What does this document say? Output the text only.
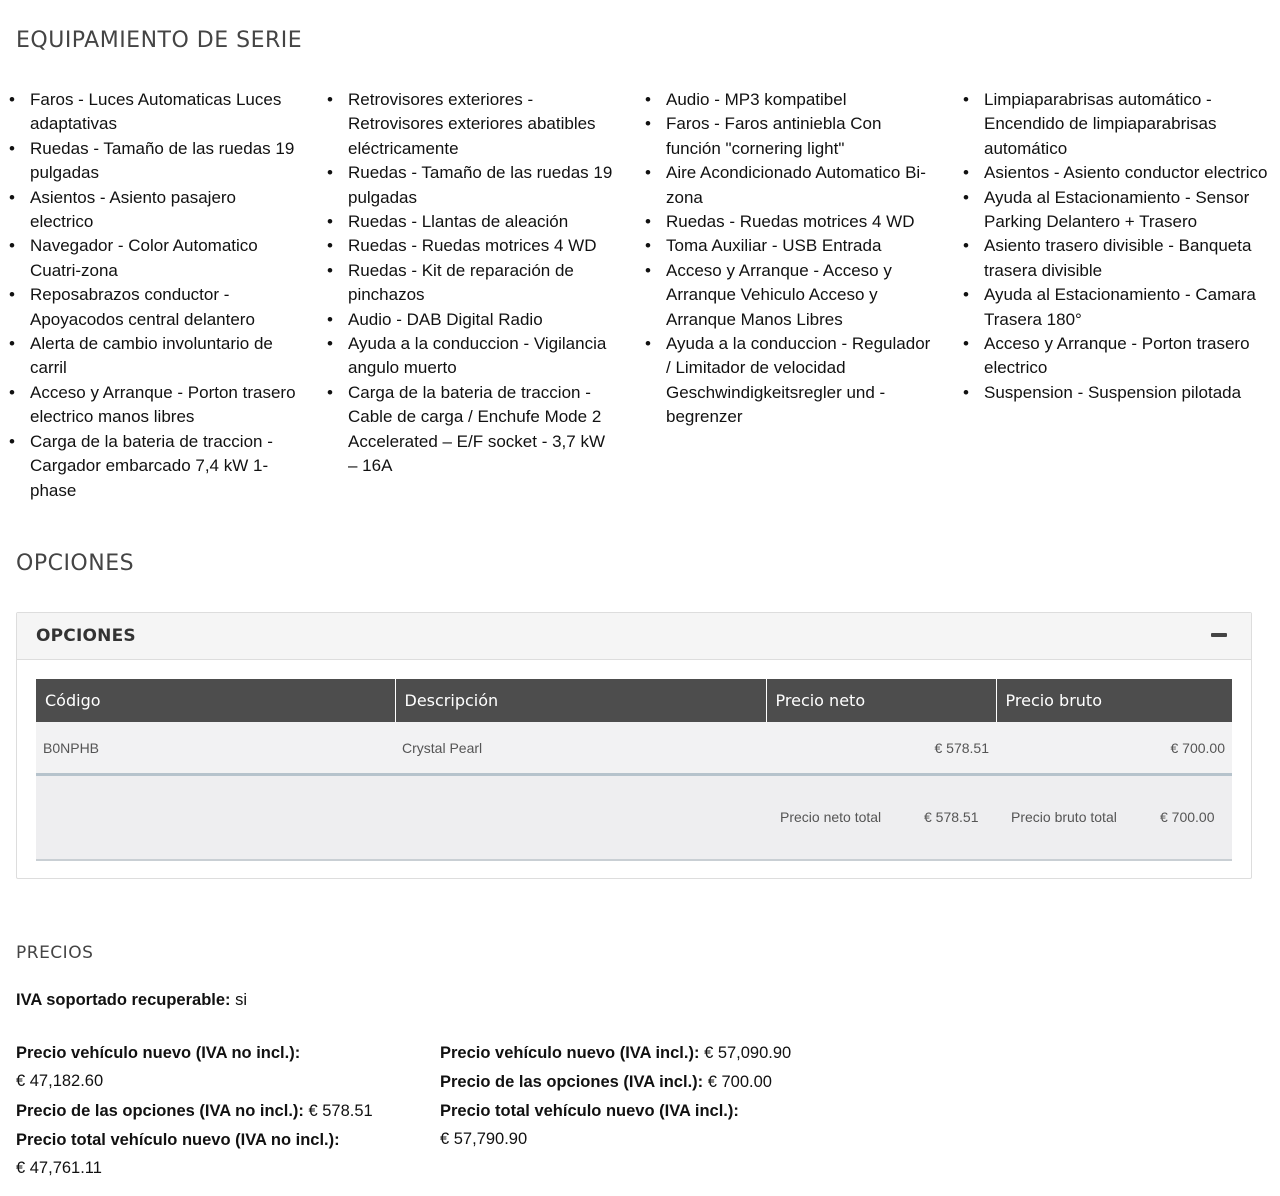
EQUIPAMIENTO DE SERIE
• Faros - Luces Automaticas Luces adaptativas
• Ruedas - Tamaño de las ruedas 19 pulgadas
• Asientos - Asiento pasajero electrico
• Navegador - Color Automatico Cuatri-zona
• Reposabrazos conductor - Apoyacodos central delantero
• Alerta de cambio involuntario de carril
• Acceso y Arranque - Porton trasero electrico manos libres
• Carga de la bateria de traccion - Cargador embarcado 7,4 kW 1-phase
• Retrovisores exteriores - Retrovisores exteriores abatibles eléctricamente
• Ruedas - Tamaño de las ruedas 19 pulgadas
• Ruedas - Llantas de aleación
• Ruedas - Ruedas motrices 4 WD
• Ruedas - Kit de reparación de pinchazos
• Audio - DAB Digital Radio
• Ayuda a la conduccion - Vigilancia angulo muerto
• Carga de la bateria de traccion - Cable de carga / Enchufe Mode 2 Accelerated – E/F socket - 3,7 kW – 16A
• Audio - MP3 kompatibel
• Faros - Faros antiniebla Con función "cornering light"
• Aire Acondicionado Automatico Bi-zona
• Ruedas - Ruedas motrices 4 WD
• Toma Auxiliar - USB Entrada
• Acceso y Arranque - Acceso y Arranque Vehiculo Acceso y Arranque Manos Libres
• Ayuda a la conduccion - Regulador / Limitador de velocidad Geschwindigkeitsregler und -begrenzer
• Limpiaparabrisas automático - Encendido de limpiaparabrisas automático
• Asientos - Asiento conductor electrico
• Ayuda al Estacionamiento - Sensor Parking Delantero + Trasero
• Asiento trasero divisible - Banqueta trasera divisible
• Ayuda al Estacionamiento - Camara Trasera 180°
• Acceso y Arranque - Porton trasero electrico
• Suspension - Suspension pilotada
OPCIONES
OPCIONES
Código	Descripción	Precio neto	Precio bruto
B0NPHB	Crystal Pearl	€ 578.51	€ 700.00
Precio neto total	€ 578.51 Precio bruto total	€ 700.00
PRECIOS
IVA soportado recuperable: si
Precio vehículo nuevo (IVA no incl.):
€ 47,182.60
Precio de las opciones (IVA no incl.): € 578.51
Precio total vehículo nuevo (IVA no incl.):
€ 47,761.11
Precio vehículo nuevo (IVA incl.): € 57,090.90
Precio de las opciones (IVA incl.): € 700.00
Precio total vehículo nuevo (IVA incl.):
€ 57,790.90
